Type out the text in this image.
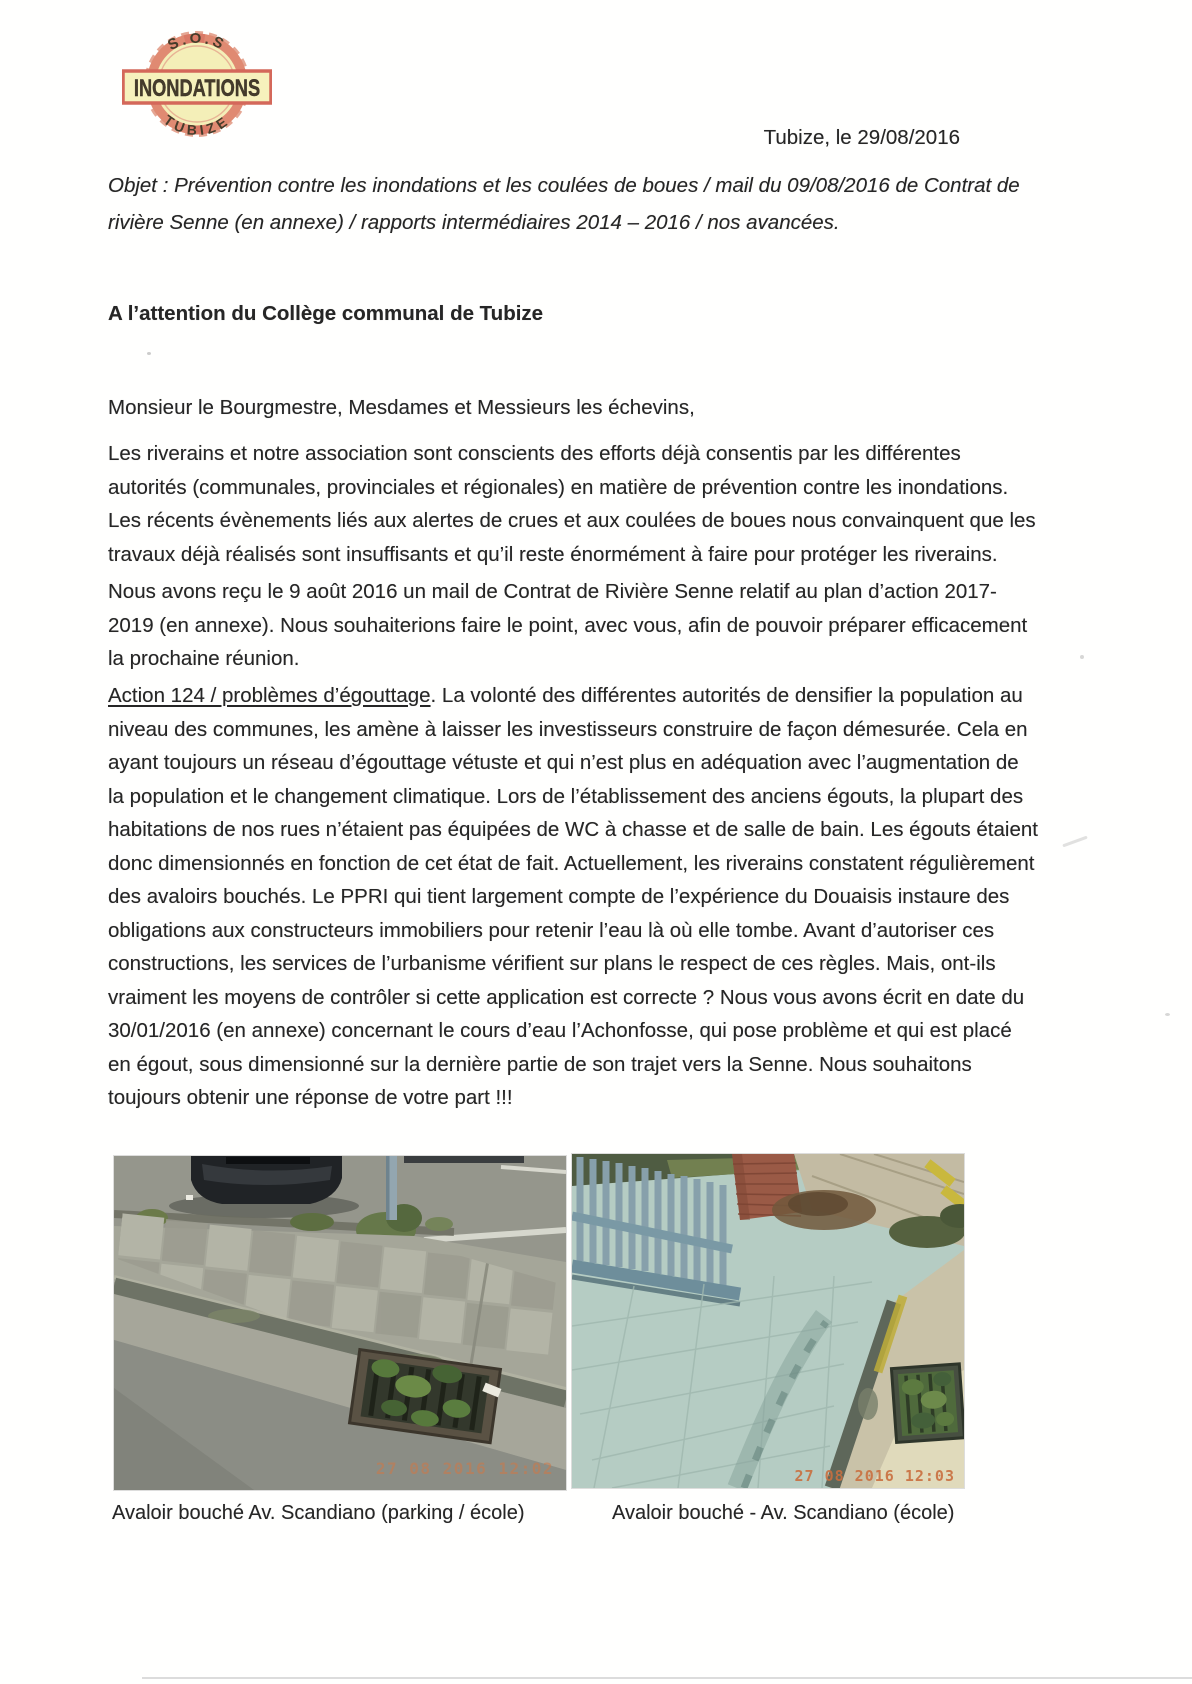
S.O.S
INONDATIONS
TUBIZE
Tubize, le 29/08/2016
Objet : Prévention contre les inondations et les coulées de boues / mail du 09/08/2016 de Contrat de rivière Senne (en annexe) / rapports intermédiaires 2014 – 2016 / nos avancées.
A l’attention du Collège communal de Tubize
Monsieur le Bourgmestre, Mesdames et Messieurs les échevins,

Les riverains et notre association sont conscients des efforts déjà consentis par les différentes autorités (communales, provinciales et régionales) en matière de prévention contre les inondations. Les récents évènements liés aux alertes de crues et aux coulées de boues nous convainquent que les travaux déjà réalisés sont insuffisants et qu’il reste énormément à faire pour protéger les riverains.

Nous avons reçu le 9 août 2016 un mail de Contrat de Rivière Senne relatif au plan d’action 2017-2019 (en annexe). Nous souhaiterions faire le point, avec vous, afin de pouvoir préparer efficacement la prochaine réunion.

Action 124 / problèmes d’égouttage. La volonté des différentes autorités de densifier la population au niveau des communes, les amène à laisser les investisseurs construire de façon démesurée. Cela en ayant toujours un réseau d’égouttage vétuste et qui n’est plus en adéquation avec l’augmentation de la population et le changement climatique. Lors de l’établissement des anciens égouts, la plupart des habitations de nos rues n’étaient pas équipées de WC à chasse et de salle de bain. Les égouts étaient donc dimensionnés en fonction de cet état de fait. Actuellement, les riverains constatent régulièrement des avaloirs bouchés. Le PPRI qui tient largement compte de l’expérience du Douaisis instaure des obligations aux constructeurs immobiliers pour retenir l’eau là où elle tombe. Avant d’autoriser ces constructions, les services de l’urbanisme vérifient sur plans le respect de ces règles. Mais, ont-ils vraiment les moyens de contrôler si cette application est correcte ? Nous vous avons écrit en date du 30/01/2016 (en annexe) concernant le cours d’eau l’Achonfosse, qui pose problème et qui est placé en égout, sous dimensionné sur la dernière partie de son trajet vers la Senne. Nous souhaitons toujours obtenir une réponse de votre part !!!

27 08 2016 12:02	27 08 2016 12:03
Avaloir bouché Av. Scandiano (parking / école)	Avaloir bouché - Av. Scandiano (école)
